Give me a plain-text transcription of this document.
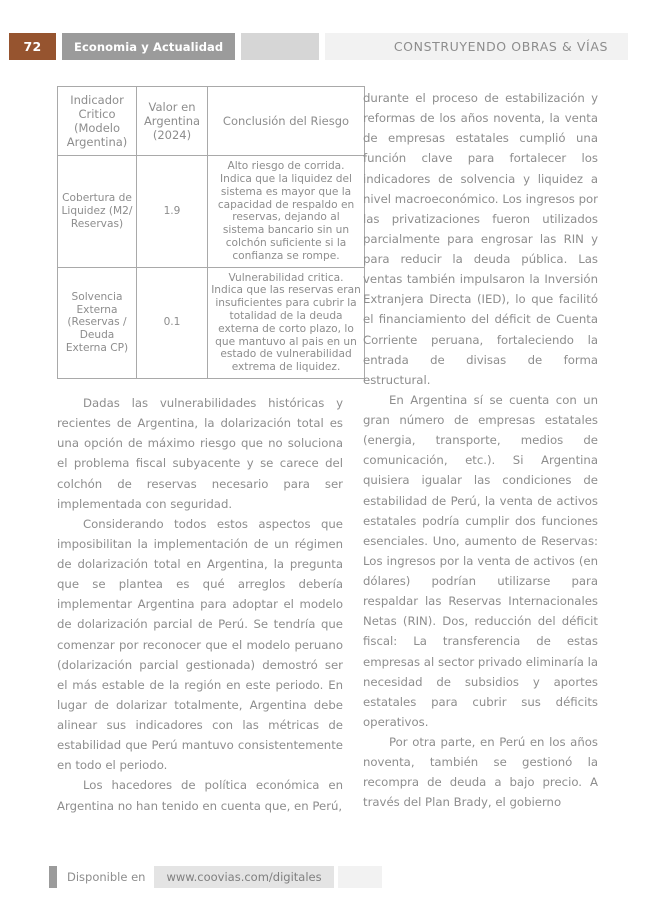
72	Economia y Actualidad	CONSTRUYENDO OBRAS & VÍAS
Indicador Critico (Modelo Argentina)	Valor en Argentina (2024)	Conclusión del Riesgo
Cobertura de Liquidez (M2/ Reservas)	1.9	Alto riesgo de corrida. Indica que la liquidez del sistema es mayor que la capacidad de respaldo en reservas, dejando al sistema bancario sin un colchón suficiente si la confianza se rompe.
Solvencia Externa (Reservas / Deuda Externa CP)	0.1	Vulnerabilidad critica. Indica que las reservas eran insuficientes para cubrir la totalidad de la deuda externa de corto plazo, lo que mantuvo al pais en un estado de vulnerabilidad extrema de liquidez.

Dadas las vulnerabilidades históricas y recientes de Argentina, la dolarización total es una opción de máximo riesgo que no soluciona el problema fiscal subyacente y se carece del colchón de reservas necesario para ser implementada con seguridad.

Considerando todos estos aspectos que imposibilitan la implementación de un régimen de dolarización total en Argentina, la pregunta que se plantea es qué arreglos debería implementar Argentina para adoptar el modelo de dolarización parcial de Perú. Se tendría que comenzar por reconocer que el modelo peruano (dolarización parcial gestionada) demostró ser el más estable de la región en este periodo. En lugar de dolarizar totalmente, Argentina debe alinear sus indicadores con las métricas de estabilidad que Perú mantuvo consistentemente en todo el periodo.

Los hacedores de política económica en Argentina no han tenido en cuenta que, en Perú,

durante el proceso de estabilización y reformas de los años noventa, la venta de empresas estatales cumplió una función clave para fortalecer los indicadores de solvencia y liquidez a nivel macroeconómico. Los ingresos por las privatizaciones fueron utilizados parcialmente para engrosar las RIN y para reducir la deuda pública. Las ventas también impulsaron la Inversión Extranjera Directa (IED), lo que facilitó el financiamiento del déficit de Cuenta Corriente peruana, fortaleciendo la entrada de divisas de forma estructural.

En Argentina sí se cuenta con un gran número de empresas estatales (energia, transporte, medios de comunicación, etc.). Si Argentina quisiera igualar las condiciones de estabilidad de Perú, la venta de activos estatales podría cumplir dos funciones esenciales. Uno, aumento de Reservas: Los ingresos por la venta de activos (en dólares) podrían utilizarse para respaldar las Reservas Internacionales Netas (RIN). Dos, reducción del déficit fiscal: La transferencia de estas empresas al sector privado eliminaría la necesidad de subsidios y aportes estatales para cubrir sus déficits operativos.

Por otra parte, en Perú en los años noventa, también se gestionó la recompra de deuda a bajo precio. A través del Plan Brady, el gobierno

Disponible en	www.coovias.com/digitales
